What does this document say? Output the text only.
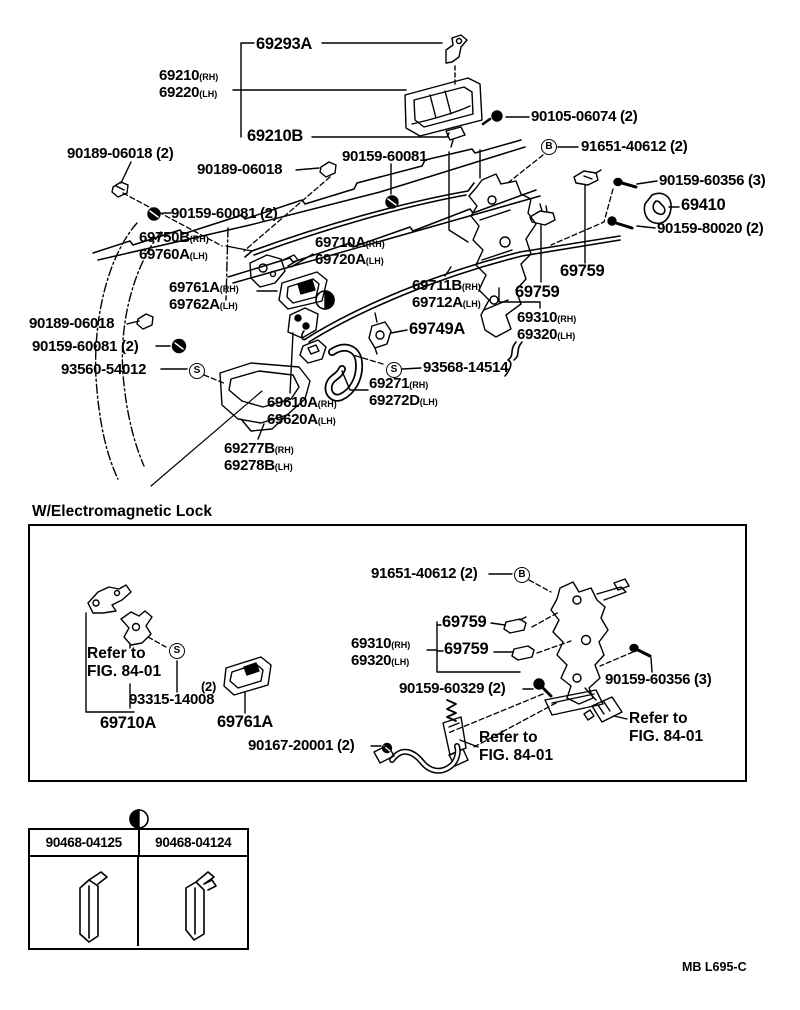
69293A
69210(RH)
69220(LH)
69210B
90105-06074 (2)
B 91651-40612 (2)
90189-06018 (2)
90189-06018
90159-60081
90159-60356 (3)
69410
90159-80020 (2)
90159-60081 (2)
69750B(RH)
69760A(LH)
69710A(RH)
69720A(LH)
69761A(RH)
69762A(LH)
69711B(RH)
69712A(LH)
69759
69759
69310(RH)
69320(LH)
90189-06018
90159-60081 (2)
93560-54012	S
69749A
S	93568-14514
69271(RH)
69272D(LH)
69610A(RH)
69620A(LH)
69277B(RH)
69278B(LH)
W/Electromagnetic Lock
91651-40612 (2)	B
69759
69759
69310(RH)
69320(LH)
90159-60329 (2)
90159-60356 (3)
Refer to
FIG. 84-01
S
(2)
93315-14008
69710A	69761A
90167-20001 (2)	Refer to
FIG. 84-01
Refer to
FIG. 84-01
90468-04125	90468-04124
MB L695-C
